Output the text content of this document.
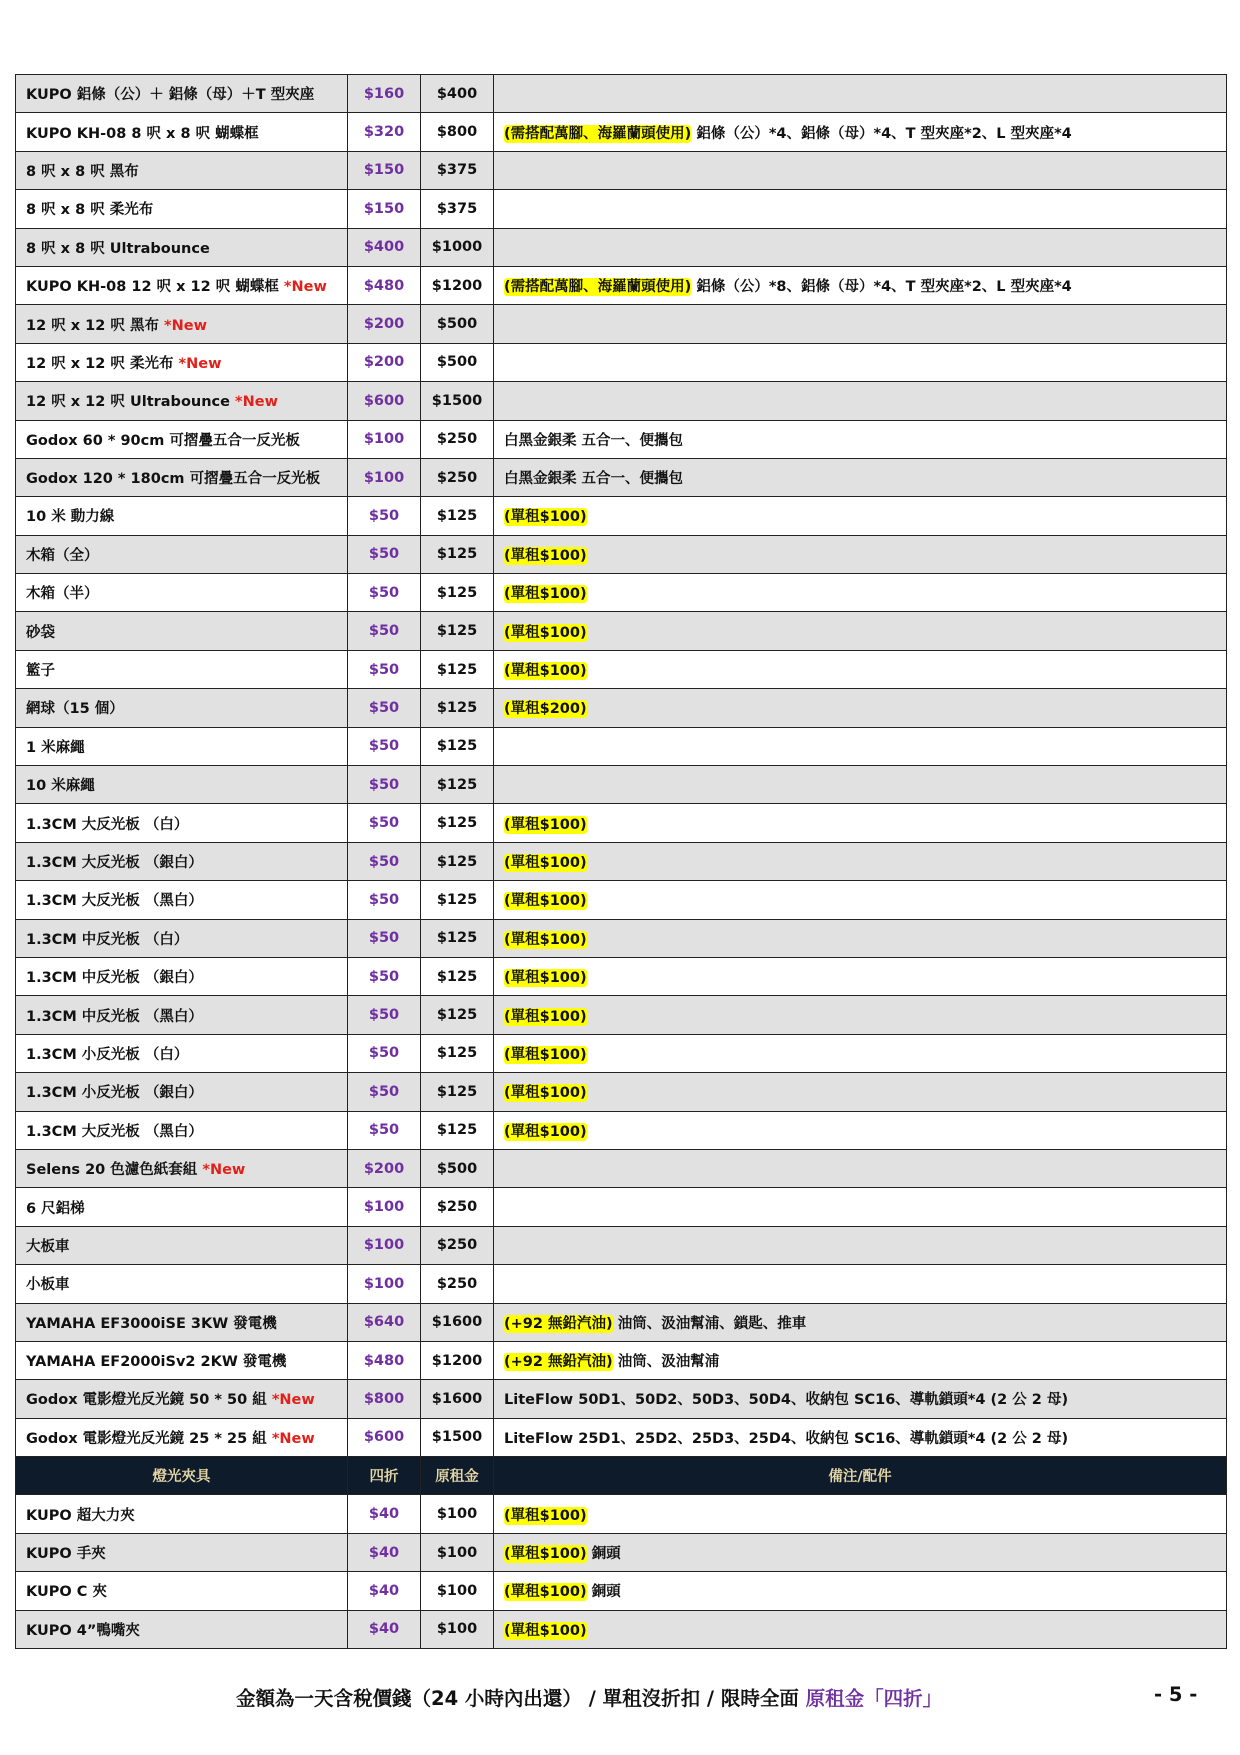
KUPO 鋁條（公）＋ 鋁條（母）＋T 型夾座	$160	$400	
KUPO KH-08 8 呎 x 8 呎 蝴蝶框	$320	$800	(需搭配萬腳、海羅蘭頭使用) 鋁條（公）*4、鋁條（母）*4、T 型夾座*2、L 型夾座*4
8 呎 x 8 呎 黑布	$150	$375	
8 呎 x 8 呎 柔光布	$150	$375	
8 呎 x 8 呎 Ultrabounce	$400	$1000	
KUPO KH-08 12 呎 x 12 呎 蝴蝶框 *New	$480	$1200	(需搭配萬腳、海羅蘭頭使用) 鋁條（公）*8、鋁條（母）*4、T 型夾座*2、L 型夾座*4
12 呎 x 12 呎 黑布 *New	$200	$500	
12 呎 x 12 呎 柔光布 *New	$200	$500	
12 呎 x 12 呎 Ultrabounce *New	$600	$1500	
Godox 60 * 90cm 可摺疊五合一反光板	$100	$250	白黑金銀柔 五合一、便攜包
Godox 120 * 180cm 可摺疊五合一反光板	$100	$250	白黑金銀柔 五合一、便攜包
10 米 動力線	$50	$125	(單租$100)
木箱（全）	$50	$125	(單租$100)
木箱（半）	$50	$125	(單租$100)
砂袋	$50	$125	(單租$100)
籃子	$50	$125	(單租$100)
網球（15 個）	$50	$125	(單租$200)
1 米麻繩	$50	$125	
10 米麻繩	$50	$125	
1.3CM 大反光板 （白）	$50	$125	(單租$100)
1.3CM 大反光板 （銀白）	$50	$125	(單租$100)
1.3CM 大反光板 （黑白）	$50	$125	(單租$100)
1.3CM 中反光板 （白）	$50	$125	(單租$100)
1.3CM 中反光板 （銀白）	$50	$125	(單租$100)
1.3CM 中反光板 （黑白）	$50	$125	(單租$100)
1.3CM 小反光板 （白）	$50	$125	(單租$100)
1.3CM 小反光板 （銀白）	$50	$125	(單租$100)
1.3CM 大反光板 （黑白）	$50	$125	(單租$100)
Selens 20 色濾色紙套組 *New	$200	$500	
6 尺鋁梯	$100	$250	
大板車	$100	$250	
小板車	$100	$250	
YAMAHA EF3000iSE 3KW 發電機	$640	$1600	(+92 無鉛汽油) 油筒、汲油幫浦、鎖匙、推車
YAMAHA EF2000iSv2 2KW 發電機	$480	$1200	(+92 無鉛汽油) 油筒、汲油幫浦
Godox 電影燈光反光鏡 50 * 50 組 *New	$800	$1600	LiteFlow 50D1、50D2、50D3、50D4、收納包 SC16、導軌鎖頭*4 (2 公 2 母)
Godox 電影燈光反光鏡 25 * 25 組 *New	$600	$1500	LiteFlow 25D1、25D2、25D3、25D4、收納包 SC16、導軌鎖頭*4 (2 公 2 母)
燈光夾具	四折	原租金	備注/配件
KUPO 超大力夾	$40	$100	(單租$100)
KUPO 手夾	$40	$100	(單租$100) 銅頭
KUPO C 夾	$40	$100	(單租$100) 銅頭
KUPO 4”鴨嘴夾	$40	$100	(單租$100)
金額為一天含稅價錢（24 小時內出還） / 單租沒折扣 / 限時全面 原租金「四折」	- 5 -
